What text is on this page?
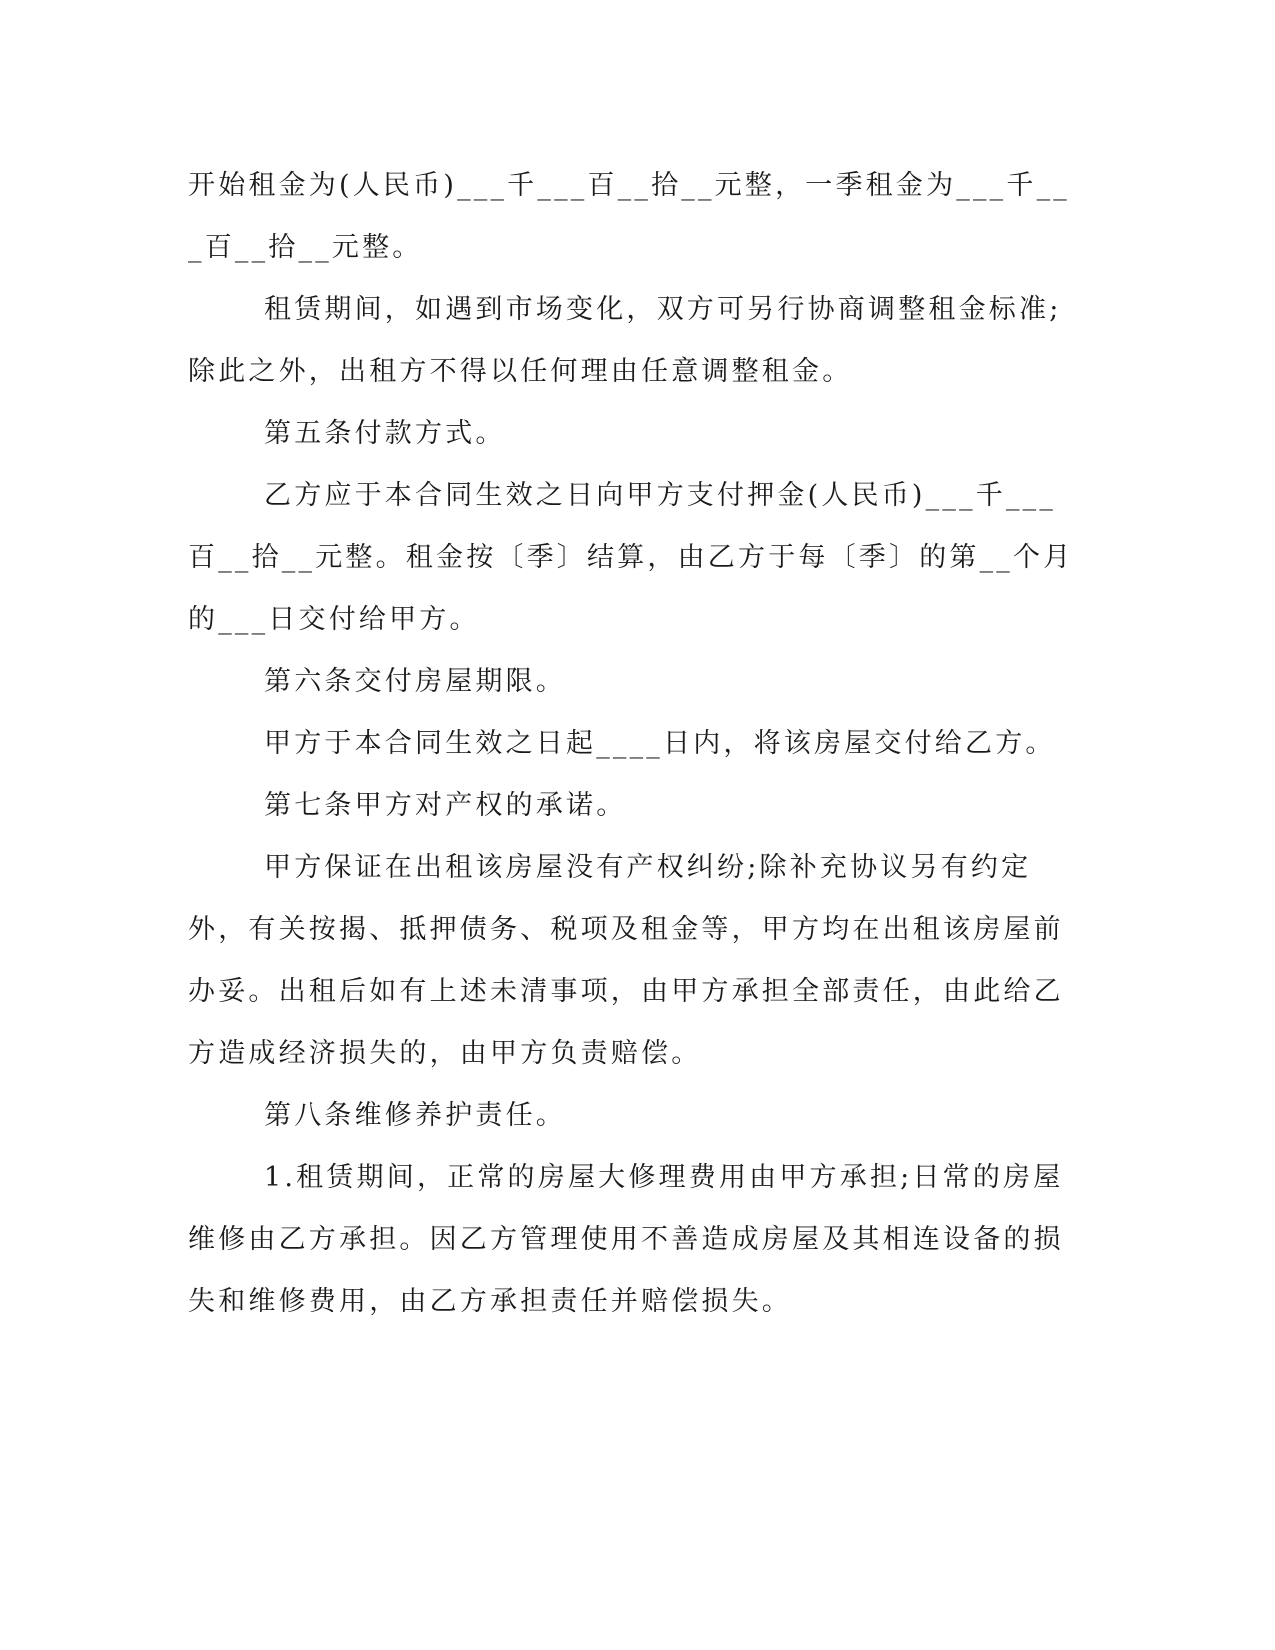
开始租金为(人民币)___千___百__拾__元整，一季租金为___千___百__拾__元整。

租赁期间，如遇到市场变化，双方可另行协商调整租金标准;除此之外，出租方不得以任何理由任意调整租金。

第五条付款方式。

乙方应于本合同生效之日向甲方支付押金(人民币)___千___百__拾__元整。租金按〔季〕结算，由乙方于每〔季〕的第__个月的___日交付给甲方。

第六条交付房屋期限。

甲方于本合同生效之日起____日内，将该房屋交付给乙方。

第七条甲方对产权的承诺。

甲方保证在出租该房屋没有产权纠纷;除补充协议另有约定外，有关按揭、抵押债务、税项及租金等，甲方均在出租该房屋前办妥。出租后如有上述未清事项，由甲方承担全部责任，由此给乙方造成经济损失的，由甲方负责赔偿。

第八条维修养护责任。

1.租赁期间，正常的房屋大修理费用由甲方承担;日常的房屋维修由乙方承担。因乙方管理使用不善造成房屋及其相连设备的损失和维修费用，由乙方承担责任并赔偿损失。
